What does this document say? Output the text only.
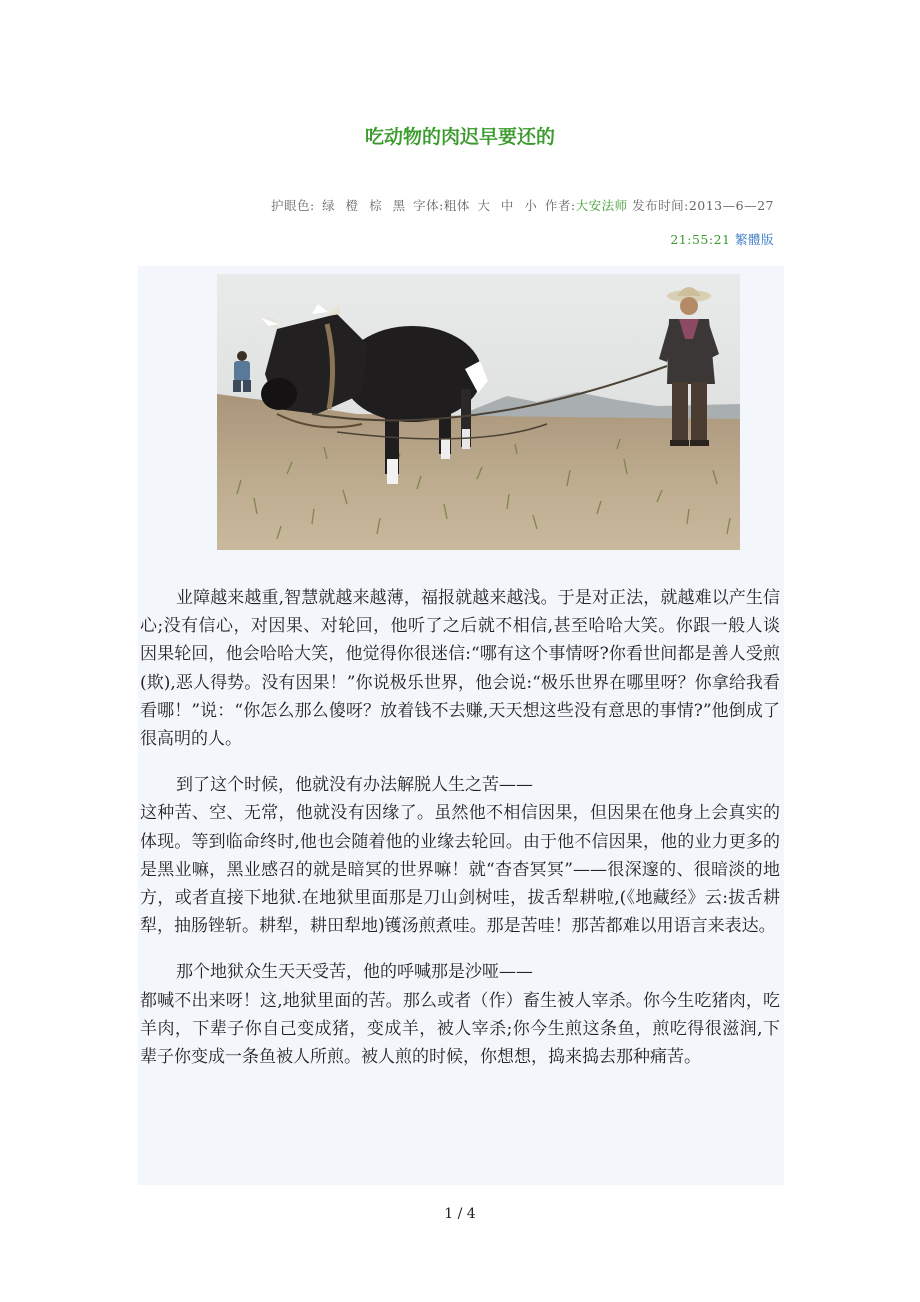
吃动物的肉迟早要还的
护眼色: 绿 橙 棕 黑 字体:粗体 大 中 小 作者:大安法师 发布时间:2013—6—27
21:55:21 繁體版

业障越来越重,智慧就越来越薄，福报就越来越浅。于是对正法，就越难以产生信心;没有信心，对因果、对轮回，他听了之后就不相信,甚至哈哈大笑。你跟一般人谈因果轮回，他会哈哈大笑，他觉得你很迷信:“哪有这个事情呀?你看世间都是善人受煎(欺),恶人得势。没有因果！”你说极乐世界，他会说:“极乐世界在哪里呀？你拿给我看看哪！”说：“你怎么那么傻呀？放着钱不去赚,天天想这些没有意思的事情?”他倒成了很高明的人。

到了这个时候，他就没有办法解脱人生之苦——
这种苦、空、无常，他就没有因缘了。虽然他不相信因果，但因果在他身上会真实的体现。等到临命终时,他也会随着他的业缘去轮回。由于他不信因果，他的业力更多的是黑业嘛，黑业感召的就是暗冥的世界嘛！就“杳杳冥冥”——很深邃的、很暗淡的地方，或者直接下地狱.在地狱里面那是刀山剑树哇，拔舌犁耕啦,(《地藏经》云:拔舌耕犁，抽肠锉斩。耕犁，耕田犁地)镬汤煎煮哇。那是苦哇！那苦都难以用语言来表达。

那个地狱众生天天受苦，他的呼喊那是沙哑——
都喊不出来呀！这,地狱里面的苦。那么或者（作）畜生被人宰杀。你今生吃猪肉，吃羊肉，下辈子你自己变成猪，变成羊，被人宰杀;你今生煎这条鱼，煎吃得很滋润,下辈子你变成一条鱼被人所煎。被人煎的时候，你想想，捣来捣去那种痛苦。

1 / 4
